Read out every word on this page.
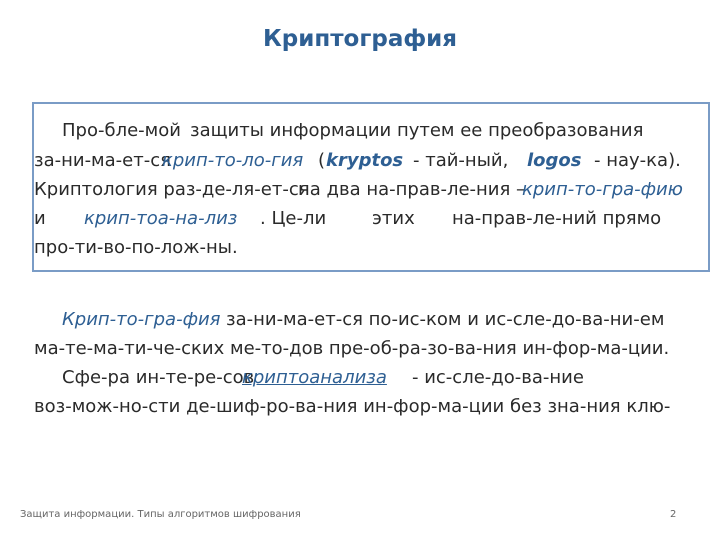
Криптография
Про-бле-мой защиты информации путем ее преобразования
за-ни-ма-ет-ся
крип-то-ло-гия ( kryptos - тай-ный, logos - нау-ка).
Криптология раз-де-ля-ет-ся
на два на-прав-ле-ния –
крип-то-гра-фию
и крип-тоа-на-лиз . Це-ли	этих на-прав-ле-ний прямо
про-ти-во-по-лож-ны.
Крип-то-гра-фия за-ни-ма-ет-ся по-ис-ком и ис-сле-до-ва-ни-ем
ма-те-ма-ти-че-ских ме-то-дов пре-об-ра-зо-ва-ния ин-фор-ма-ции.
Сфе-ра ин-те-ре-сов
криптоанализа - ис-сле-до-ва-ние
воз-мож-но-сти де-шиф-ро-ва-ния ин-фор-ма-ции без зна-ния клю-
Защита информации. Типы алгоритмов шифрования	2
